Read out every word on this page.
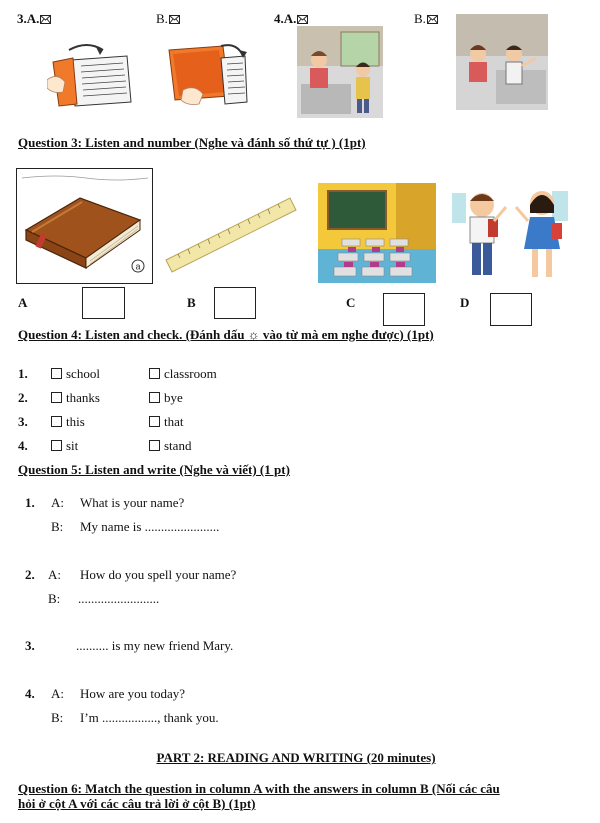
3.A.	B.	4.A.	B.
Question 3: Listen and number (Nghe và đánh số thứ tự ) (1pt)
a
A	B	C	D
Question 4: Listen and check. (Đánh dấu ☼ vào từ mà em nghe được) (1pt)
1.	school	classroom
2.	thanks	bye
3.	this	that
4.	sit	stand
Question 5: Listen and write (Nghe và viết) (1 pt)
1. A: What is your name?
B: My name is .......................
2. A: How do you spell your name?
B: .........................
3.	.......... is my new friend Mary.
4. A: How are you today?
B: I’m ................., thank you.
PART 2: READING AND WRITING (20 minutes)
Question 6: Match the question in column A with the answers in column B (Nối các câu
hỏi ở cột A với các câu trả lời ở cột B) (1pt)
